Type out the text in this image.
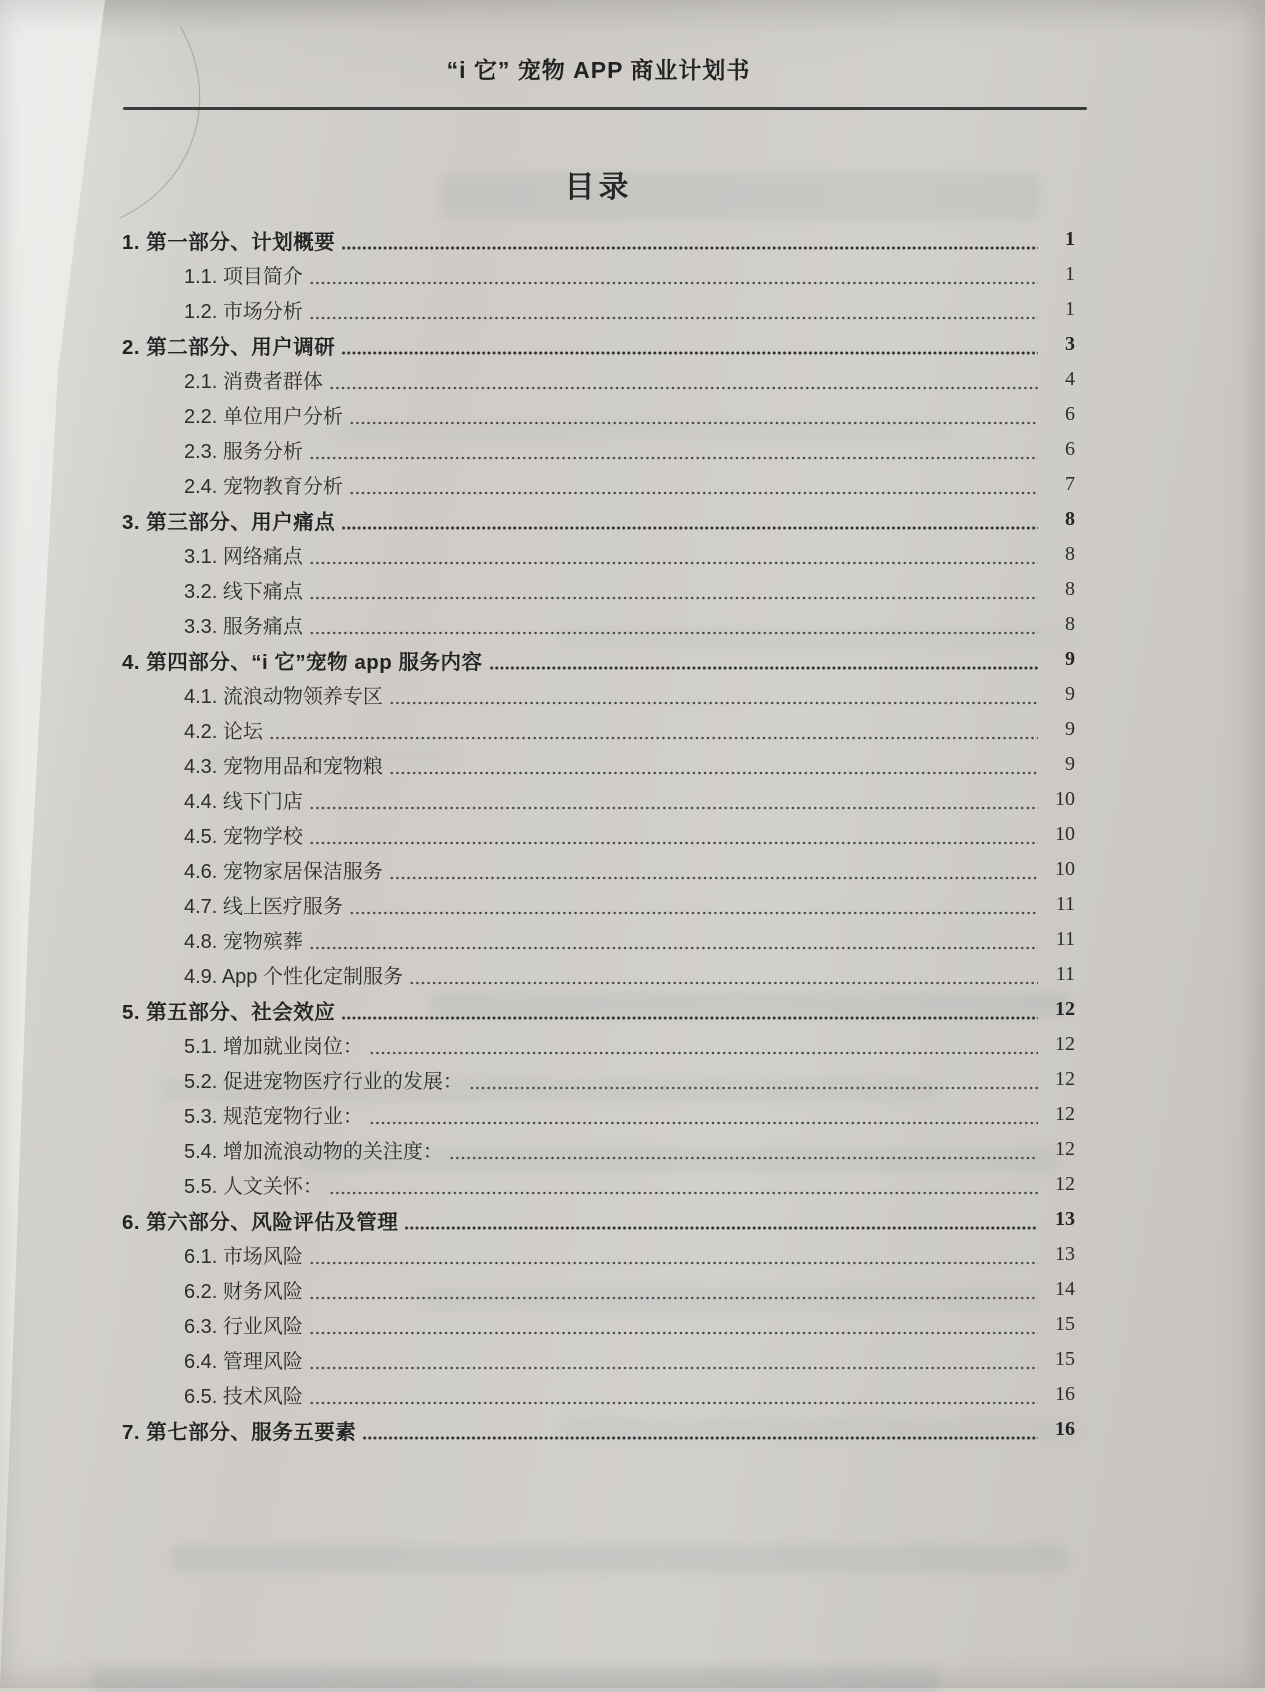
“i 它” 宠物 APP 商业计划书
目录
1. 第一部分、计划概要	1
1.1. 项目简介	1
1.2. 市场分析	1
2. 第二部分、用户调研	3
2.1. 消费者群体	4
2.2. 单位用户分析	6
2.3. 服务分析	6
2.4. 宠物教育分析	7
3. 第三部分、用户痛点	8
3.1. 网络痛点	8
3.2. 线下痛点	8
3.3. 服务痛点	8
4. 第四部分、“i 它”宠物 app 服务内容	9
4.1. 流浪动物领养专区	9
4.2. 论坛	9
4.3. 宠物用品和宠物粮	9
4.4. 线下门店	10
4.5. 宠物学校	10
4.6. 宠物家居保洁服务	10
4.7. 线上医疗服务	11
4.8. 宠物殡葬	11
4.9. App 个性化定制服务	11
5. 第五部分、社会效应	12
5.1. 增加就业岗位：	12
5.2. 促进宠物医疗行业的发展：	12
5.3. 规范宠物行业：	12
5.4. 增加流浪动物的关注度：	12
5.5. 人文关怀：	12
6. 第六部分、风险评估及管理	13
6.1. 市场风险	13
6.2. 财务风险	14
6.3. 行业风险	15
6.4. 管理风险	15
6.5. 技术风险	16
7. 第七部分、服务五要素	16
